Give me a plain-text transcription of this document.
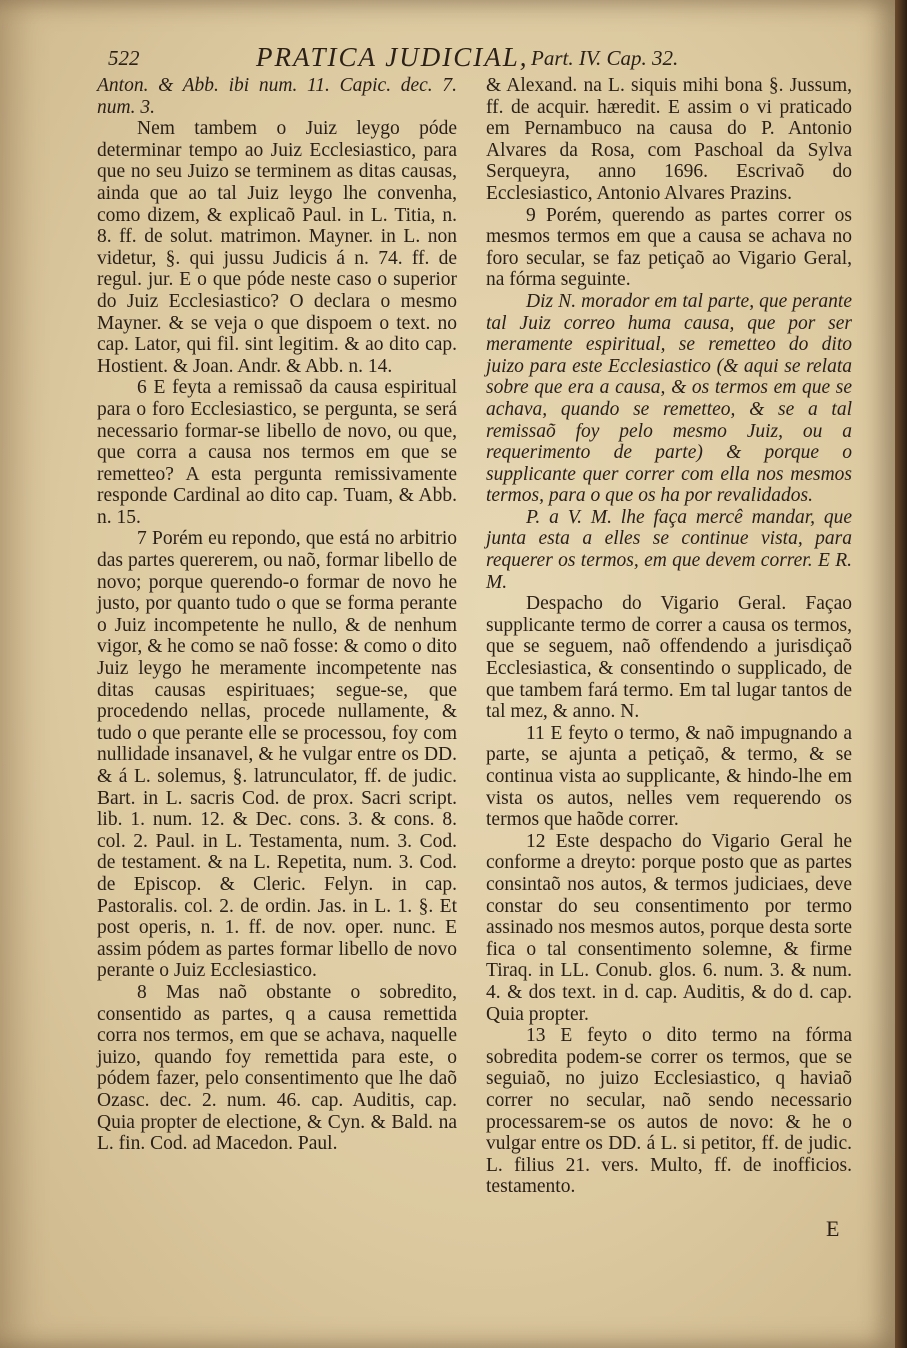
522	PRATICA JUDICIAL, Part. IV. Cap. 32.

Anton. & Abb. ibi num. 11. Capic. dec. 7. num. 3.

Nem tambem o Juiz leygo póde determinar tempo ao Juiz Ecclesiastico, para que no seu Juizo se terminem as ditas causas, ainda que ao tal Juiz leygo lhe convenha, como dizem, & explicaõ Paul. in L. Titia, n. 8. ff. de solut. matrimon. Mayner. in L. non videtur, §. qui jussu Judicis á n. 74. ff. de regul. jur. E o que póde neste caso o superior do Juiz Ecclesiastico? O declara o mesmo Mayner. & se veja o que dispoem o text. no cap. Lator, qui fil. sint legitim. & ao dito cap. Hostient. & Joan. Andr. & Abb. n. 14.

6 E feyta a remissaõ da causa espiritual para o foro Ecclesiastico, se pergunta, se será necessario formar-se libello de novo, ou que, que corra a causa nos termos em que se remetteo? A esta pergunta remissivamente responde Cardinal ao dito cap. Tuam, & Abb. n. 15.

7 Porém eu repondo, que está no arbitrio das partes quererem, ou naõ, formar libello de novo; porque querendo-o formar de novo he justo, por quanto tudo o que se forma perante o Juiz incompetente he nullo, & de nenhum vigor, & he como se naõ fosse: & como o dito Juiz leygo he meramente incompetente nas ditas causas espirituaes; segue-se, que procedendo nellas, procede nullamente, & tudo o que perante elle se processou, foy com nullidade insanavel, & he vulgar entre os DD. & á L. solemus, §. latrunculator, ff. de judic. Bart. in L. sacris Cod. de prox. Sacri script. lib. 1. num. 12. & Dec. cons. 3. & cons. 8. col. 2. Paul. in L. Testamenta, num. 3. Cod. de testament. & na L. Repetita, num. 3. Cod. de Episcop. & Cleric. Felyn. in cap. Pastoralis. col. 2. de ordin. Jas. in L. 1. §. Et post operis, n. 1. ff. de nov. oper. nunc. E assim pódem as partes formar libello de novo perante o Juiz Ecclesiastico.

8 Mas naõ obstante o sobredito, consentido as partes, q a causa remettida corra nos termos, em que se achava, naquelle juizo, quando foy remettida para este, o pódem fazer, pelo consentimento que lhe daõ Ozasc. dec. 2. num. 46. cap. Auditis, cap. Quia propter de electione, & Cyn. & Bald. na L. fin. Cod. ad Macedon. Paul.

& Alexand. na L. siquis mihi bona §. Jussum, ff. de acquir. hæredit. E assim o vi praticado em Pernambuco na causa do P. Antonio Alvares da Rosa, com Paschoal da Sylva Serqueyra, anno 1696. Escrivaõ do Ecclesiastico, Antonio Alvares Prazins.

9 Porém, querendo as partes correr os mesmos termos em que a causa se achava no foro secular, se faz petiçaõ ao Vigario Geral, na fórma seguinte.

Diz N. morador em tal parte, que perante tal Juiz correo huma causa, que por ser meramente espiritual, se remetteo do dito juizo para este Ecclesiastico (& aqui se relata sobre que era a causa, & os termos em que se achava, quando se remetteo, & se a tal remissaõ foy pelo mesmo Juiz, ou a requerimento de parte) & porque o supplicante quer correr com ella nos mesmos termos, para o que os ha por revalidados.

P. a V. M. lhe faça mercê mandar, que junta esta a elles se continue vista, para requerer os termos, em que devem correr. E R. M.

Despacho do Vigario Geral. Façao supplicante termo de correr a causa os termos, que se seguem, naõ offendendo a jurisdiçaõ Ecclesiastica, & consentindo o supplicado, de que tambem fará termo. Em tal lugar tantos de tal mez, & anno. N.

11 E feyto o termo, & naõ impugnando a parte, se ajunta a petiçaõ, & termo, & se continua vista ao supplicante, & hindo-lhe em vista os autos, nelles vem requerendo os termos que haõde correr.

12 Este despacho do Vigario Geral he conforme a dreyto: porque posto que as partes consintaõ nos autos, & termos judiciaes, deve constar do seu consentimento por termo assinado nos mesmos autos, porque desta sorte fica o tal consentimento solemne, & firme Tiraq. in LL. Conub. glos. 6. num. 3. & num. 4. & dos text. in d. cap. Auditis, & do d. cap. Quia propter.

13 E feyto o dito termo na fórma sobredita podem-se correr os termos, que se seguiaõ, no juizo Ecclesiastico, q haviaõ correr no secular, naõ sendo necessario processarem-se os autos de novo: & he o vulgar entre os DD. á L. si petitor, ff. de judic. L. filius 21. vers. Multo, ff. de inofficios. testamento.

E
